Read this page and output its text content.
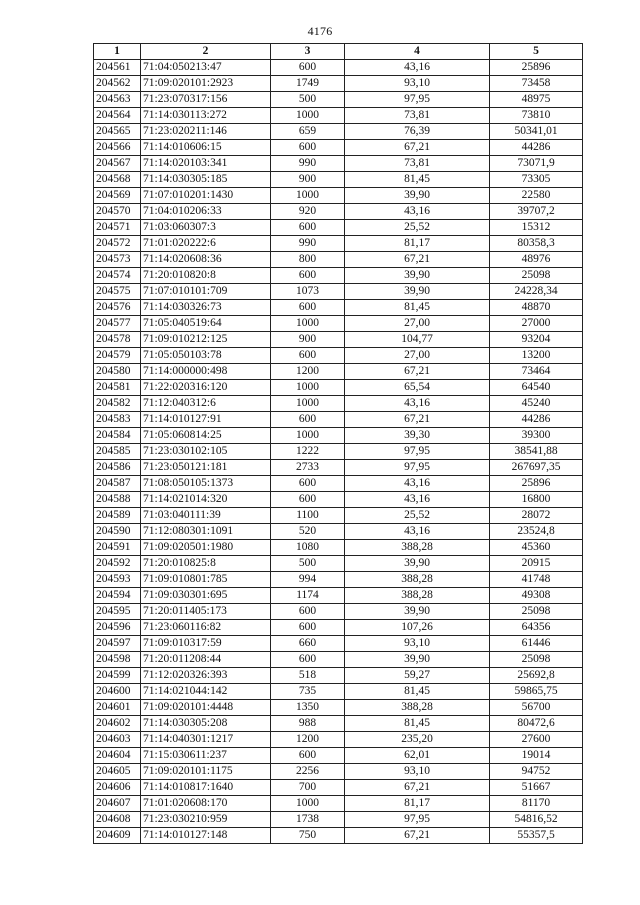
4176
1	2	3	4	5
204561	71:04:050213:47	600	43,16	25896
204562	71:09:020101:2923	1749	93,10	73458
204563	71:23:070317:156	500	97,95	48975
204564	71:14:030113:272	1000	73,81	73810
204565	71:23:020211:146	659	76,39	50341,01
204566	71:14:010606:15	600	67,21	44286
204567	71:14:020103:341	990	73,81	73071,9
204568	71:14:030305:185	900	81,45	73305
204569	71:07:010201:1430	1000	39,90	22580
204570	71:04:010206:33	920	43,16	39707,2
204571	71:03:060307:3	600	25,52	15312
204572	71:01:020222:6	990	81,17	80358,3
204573	71:14:020608:36	800	67,21	48976
204574	71:20:010820:8	600	39,90	25098
204575	71:07:010101:709	1073	39,90	24228,34
204576	71:14:030326:73	600	81,45	48870
204577	71:05:040519:64	1000	27,00	27000
204578	71:09:010212:125	900	104,77	93204
204579	71:05:050103:78	600	27,00	13200
204580	71:14:000000:498	1200	67,21	73464
204581	71:22:020316:120	1000	65,54	64540
204582	71:12:040312:6	1000	43,16	45240
204583	71:14:010127:91	600	67,21	44286
204584	71:05:060814:25	1000	39,30	39300
204585	71:23:030102:105	1222	97,95	38541,88
204586	71:23:050121:181	2733	97,95	267697,35
204587	71:08:050105:1373	600	43,16	25896
204588	71:14:021014:320	600	43,16	16800
204589	71:03:040111:39	1100	25,52	28072
204590	71:12:080301:1091	520	43,16	23524,8
204591	71:09:020501:1980	1080	388,28	45360
204592	71:20:010825:8	500	39,90	20915
204593	71:09:010801:785	994	388,28	41748
204594	71:09:030301:695	1174	388,28	49308
204595	71:20:011405:173	600	39,90	25098
204596	71:23:060116:82	600	107,26	64356
204597	71:09:010317:59	660	93,10	61446
204598	71:20:011208:44	600	39,90	25098
204599	71:12:020326:393	518	59,27	25692,8
204600	71:14:021044:142	735	81,45	59865,75
204601	71:09:020101:4448	1350	388,28	56700
204602	71:14:030305:208	988	81,45	80472,6
204603	71:14:040301:1217	1200	235,20	27600
204604	71:15:030611:237	600	62,01	19014
204605	71:09:020101:1175	2256	93,10	94752
204606	71:14:010817:1640	700	67,21	51667
204607	71:01:020608:170	1000	81,17	81170
204608	71:23:030210:959	1738	97,95	54816,52
204609	71:14:010127:148	750	67,21	55357,5
